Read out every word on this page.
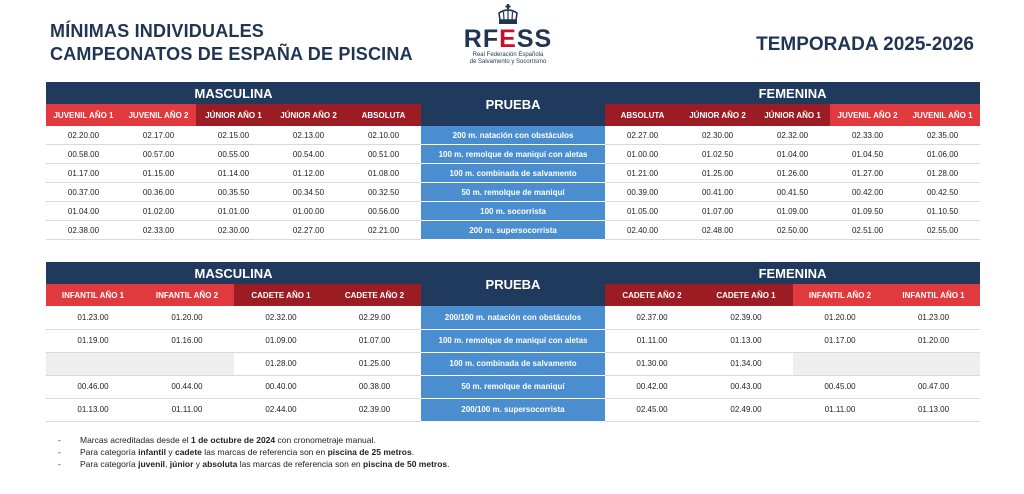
MÍNIMAS INDIVIDUALES
CAMPEONATOS DE ESPAÑA DE PISCINA
RFESS
Real Federación Española
de Salvamento y Socorrismo
TEMPORADA 2025-2026
MASCULINA					PRUEBA	FEMENINA				
JUVENIL AÑO 1	JUVENIL AÑO 2	JÚNIOR AÑO 1	JÚNIOR AÑO 2	ABSOLUTA		ABSOLUTA	JÚNIOR AÑO 2	JÚNIOR AÑO 1	JUVENIL AÑO 2	JUVENIL AÑO 1
02.20.00	02.17.00	02.15.00	02.13.00	02.10.00	200 m. natación con obstáculos	02.27.00	02.30.00	02.32.00	02.33.00	02.35.00
00.58.00	00.57.00	00.55.00	00.54.00	00.51.00	100 m. remolque de maniquí con aletas	01.00.00	01.02.50	01.04.00	01.04.50	01.06.00
01.17.00	01.15.00	01.14.00	01.12.00	01.08.00	100 m. combinada de salvamento	01.21.00	01.25.00	01.26.00	01.27.00	01.28.00
00.37.00	00.36.00	00.35.50	00.34.50	00.32.50	50 m. remolque de maniquí	00.39.00	00.41.00	00.41.50	00.42.00	00.42.50
01.04.00	01.02.00	01.01.00	01.00.00	00.56.00	100 m. socorrista	01.05.00	01.07.00	01.09.00	01.09.50	01.10.50
02.38.00	02.33.00	02.30.00	02.27.00	02.21.00	200 m. supersocorrista	02.40.00	02.48.00	02.50.00	02.51.00	02.55.00
MASCULINA				PRUEBA	FEMENINA			
INFANTIL AÑO 1	INFANTIL AÑO 2	CADETE AÑO 1	CADETE AÑO 2		CADETE AÑO 2	CADETE AÑO 1	INFANTIL AÑO 2	INFANTIL AÑO 1
01.23.00	01.20.00	02.32.00	02.29.00	200/100 m. natación con obstáculos	02.37.00	02.39.00	01.20.00	01.23.00
01.19.00	01.16.00	01.09.00	01.07.00	100 m. remolque de maniquí con aletas	01.11.00	01.13.00	01.17.00	01.20.00
		01.28.00	01.25.00	100 m. combinada de salvamento	01.30.00	01.34.00		
00.46.00	00.44.00	00.40.00	00.38.00	50 m. remolque de maniquí	00.42.00	00.43.00	00.45.00	00.47.00
01.13.00	01.11.00	02.44.00	02.39.00	200/100 m. supersocorrista	02.45.00	02.49.00	01.11.00	01.13.00
- Marcas acreditadas desde el 1 de octubre de 2024 con cronometraje manual.
- Para categoría infantil y cadete las marcas de referencia son en piscina de 25 metros.
- Para categoría juvenil, júnior y absoluta las marcas de referencia son en piscina de 50 metros.
